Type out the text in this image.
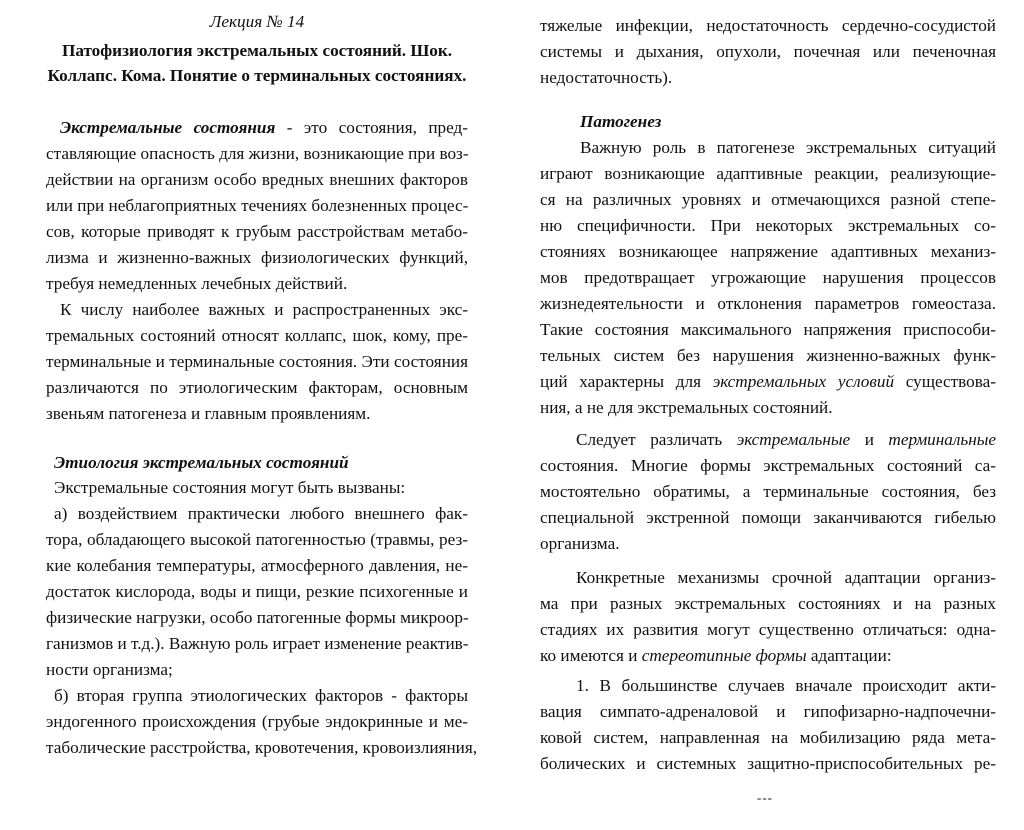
Лекция № 14
Патофизиология экстремальных состояний. Шок.
Коллапс. Кома. Понятие о терминальных состояниях.
Экстремальные состояния - это состояния, пред-
ставляющие опасность для жизни, возникающие при воз-
действии на организм особо вредных внешних факторов
или при неблагоприятных течениях болезненных процес-
сов, которые приводят к грубым расстройствам метабо-
лизма и жизненно-важных физиологических функций,
требуя немедленных лечебных действий.
К числу наиболее важных и распространенных экс-
тремальных состояний относят коллапс, шок, кому, пре-
терминальные и терминальные состояния. Эти состояния
различаются по этиологическим факторам, основным
звеньям патогенеза и главным проявлениям.
Этиология экстремальных состояний
Экстремальные состояния могут быть вызваны:
а) воздействием практически любого внешнего фак-
тора, обладающего высокой патогенностью (травмы, рез-
кие колебания температуры, атмосферного давления, не-
достаток кислорода, воды и пищи, резкие психогенные и
физические нагрузки, особо патогенные формы микроор-
ганизмов и т.д.). Важную роль играет изменение реактив-
ности организма;
б) вторая группа этиологических факторов - факторы
эндогенного происхождения (грубые эндокринные и ме-
таболические расстройства, кровотечения, кровоизлияния,
тяжелые инфекции, недостаточность сердечно-сосудистой
системы и дыхания, опухоли, почечная или печеночная
недостаточность).
Патогенез
Важную роль в патогенезе экстремальных ситуаций
играют возникающие адаптивные реакции, реализующие-
ся на различных уровнях и отмечающихся разной степе-
ню специфичности. При некоторых экстремальных со-
стояниях возникающее напряжение адаптивных механиз-
мов предотвращает угрожающие нарушения процессов
жизнедеятельности и отклонения параметров гомеостаза.
Такие состояния максимального напряжения приспособи-
тельных систем без нарушения жизненно-важных функ-
ций характерны для экстремальных условий существова-
ния, а не для экстремальных состояний.
Следует различать экстремальные и терминальные
состояния. Многие формы экстремальных состояний са-
мостоятельно обратимы, а терминальные состояния, без
специальной экстренной помощи заканчиваются гибелью
организма.
Конкретные механизмы срочной адаптации организ-
ма при разных экстремальных состояниях и на разных
стадиях их развития могут существенно отличаться: одна-
ко имеются и стереотипные формы адаптации:
1. В большинстве случаев вначале происходит акти-
вация симпато-адреналовой и гипофизарно-надпочечни-
ковой систем, направленная на мобилизацию ряда мета-
болических и системных защитно-приспособительных ре-
---
